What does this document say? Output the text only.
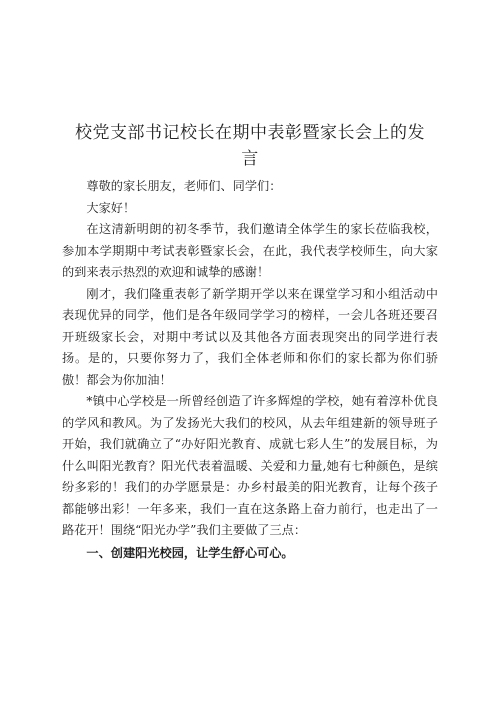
校党支部书记校长在期中表彰暨家长会上的发
言

尊敬的家长朋友，老师们、同学们：

大家好！

在这清新明朗的初冬季节，我们邀请全体学生的家长莅临我校，参加本学期期中考试表彰暨家长会，在此，我代表学校师生，向大家的到来表示热烈的欢迎和诚挚的感谢！

刚才，我们隆重表彰了新学期开学以来在课堂学习和小组活动中表现优异的同学，他们是各年级同学学习的榜样，一会儿各班还要召开班级家长会，对期中考试以及其他各方面表现突出的同学进行表扬。是的，只要你努力了，我们全体老师和你们的家长都为你们骄傲！都会为你加油！

*镇中心学校是一所曾经创造了许多辉煌的学校，她有着淳朴优良的学风和教风。为了发扬光大我们的校风，从去年组建新的领导班子开始，我们就确立了“办好阳光教育、成就七彩人生”的发展目标，为什么叫阳光教育？阳光代表着温暖、关爱和力量,她有七种颜色，是缤纷多彩的！我们的办学愿景是：办乡村最美的阳光教育，让每个孩子都能够出彩！一年多来，我们一直在这条路上奋力前行，也走出了一路花开！围绕“阳光办学”我们主要做了三点：

一、创建阳光校园，让学生舒心可心。
